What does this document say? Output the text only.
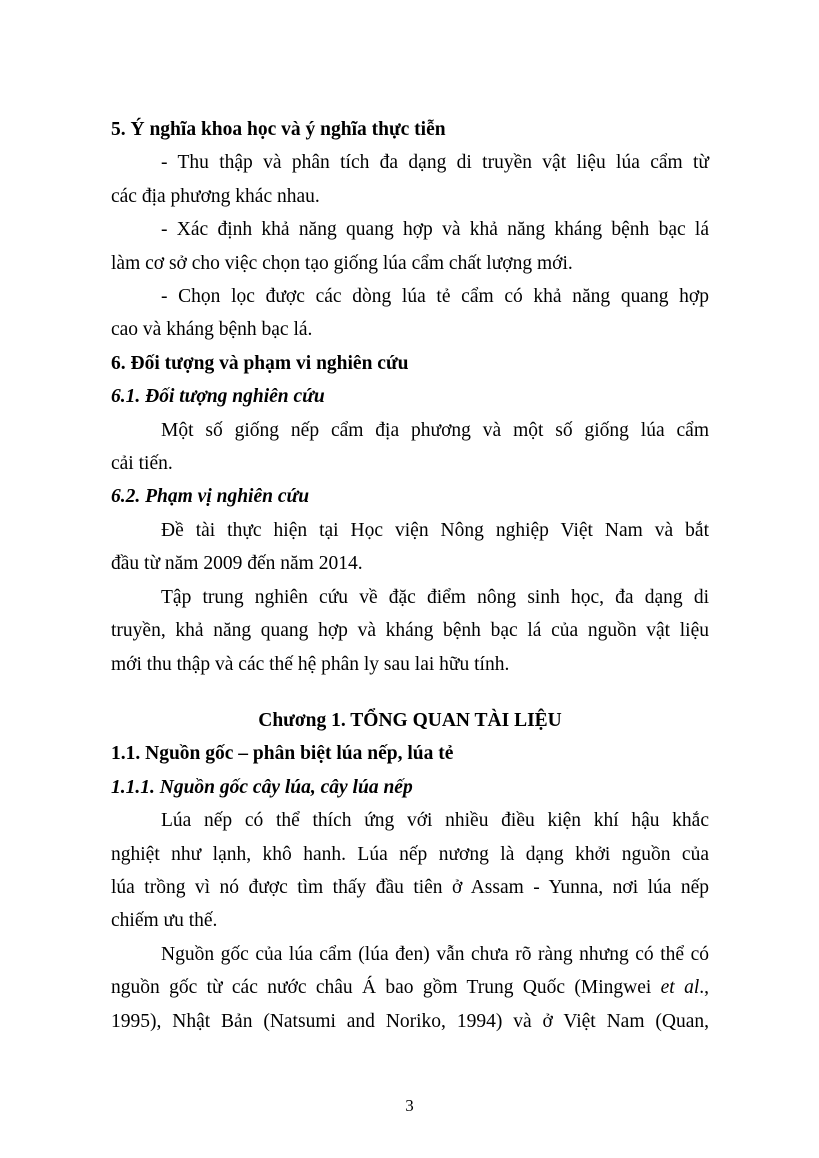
5. Ý nghĩa khoa học và ý nghĩa thực tiễn
- Thu thập và phân tích đa dạng di truyền vật liệu lúa cẩm từ
các địa phương khác nhau.
- Xác định khả năng quang hợp và khả năng kháng bệnh bạc lá
làm cơ sở cho việc chọn tạo giống lúa cẩm chất lượng mới.
- Chọn lọc được các dòng lúa tẻ cẩm có khả năng quang hợp
cao và kháng bệnh bạc lá.
6. Đối tượng và phạm vi nghiên cứu
6.1. Đối tượng nghiên cứu
Một số giống nếp cẩm địa phương và một số giống lúa cẩm
cải tiến.
6.2. Phạm vị nghiên cứu
Đề tài thực hiện tại Học viện Nông nghiệp Việt Nam và bắt
đầu từ năm 2009 đến năm 2014.
Tập trung nghiên cứu về đặc điểm nông sinh học, đa dạng di
truyền, khả năng quang hợp và kháng bệnh bạc lá của nguồn vật liệu
mới thu thập và các thế hệ phân ly sau lai hữu tính.
Chương 1. TỔNG QUAN TÀI LIỆU
1.1. Nguồn gốc – phân biệt lúa nếp, lúa tẻ
1.1.1. Nguồn gốc cây lúa, cây lúa nếp
Lúa nếp có thể thích ứng với nhiều điều kiện khí hậu khắc
nghiệt như lạnh, khô hanh. Lúa nếp nương là dạng khởi nguồn của
lúa trồng vì nó được tìm thấy đầu tiên ở Assam - Yunna, nơi lúa nếp
chiếm ưu thế.
Nguồn gốc của lúa cẩm (lúa đen) vẫn chưa rõ ràng nhưng có thể có
nguồn gốc từ các nước châu Á bao gồm Trung Quốc (Mingwei et al.,
1995), Nhật Bản (Natsumi and Noriko, 1994) và ở Việt Nam (Quan,
3
